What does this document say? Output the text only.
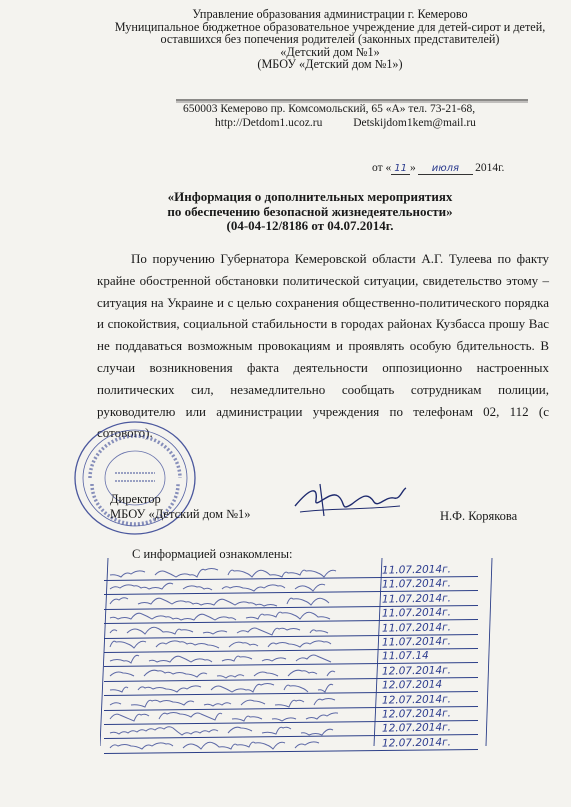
Управление образования администрации г. Кемерово
Муниципальное бюджетное образовательное учреждение для детей-сирот и детей,
оставшихся без попечения родителей (законных представителей)
«Детский дом №1»
(МБОУ «Детский дом №1»)
650003 Кемерово пр. Комсомольский, 65 «А» тел. 73-21-68,
http://Detdom1.ucoz.ru	Detskijdom1kem@mail.ru
от « 11 » июля 2014г.
«Информация о дополнительных мероприятиях
по обеспечению безопасной жизнедеятельности»
(04-04-12/8186 от 04.07.2014г.

По поручению Губернатора Кемеровской области А.Г. Тулеева по факту крайне обостренной обстановки политической ситуации, свидетельство этому – ситуация на Украине и с целью сохранения общественно-политического порядка и спокойствия, социальной стабильности в городах районах Кузбасса прошу Вас не поддаваться возможным провокациям и проявлять особую бдительность. В случаи возникновения факта деятельности оппозиционно настроенных политических сил, незамедлительно сообщать сотрудникам полиции, руководителю или администрации учреждения по телефонам 02, 112 (с сотового).

Директор
МБОУ «Детский дом №1»	Н.Ф. Корякова
С информацией ознакомлены:
11.07.2014г.
11.07.2014г.
11.07.2014г.
11.07.2014г.
11.07.2014г.
11.07.2014г.
11.07.14
12.07.2014г.
12.07.2014
12.07.2014г.
12.07.2014г.
12.07.2014г.
12.07.2014г.
